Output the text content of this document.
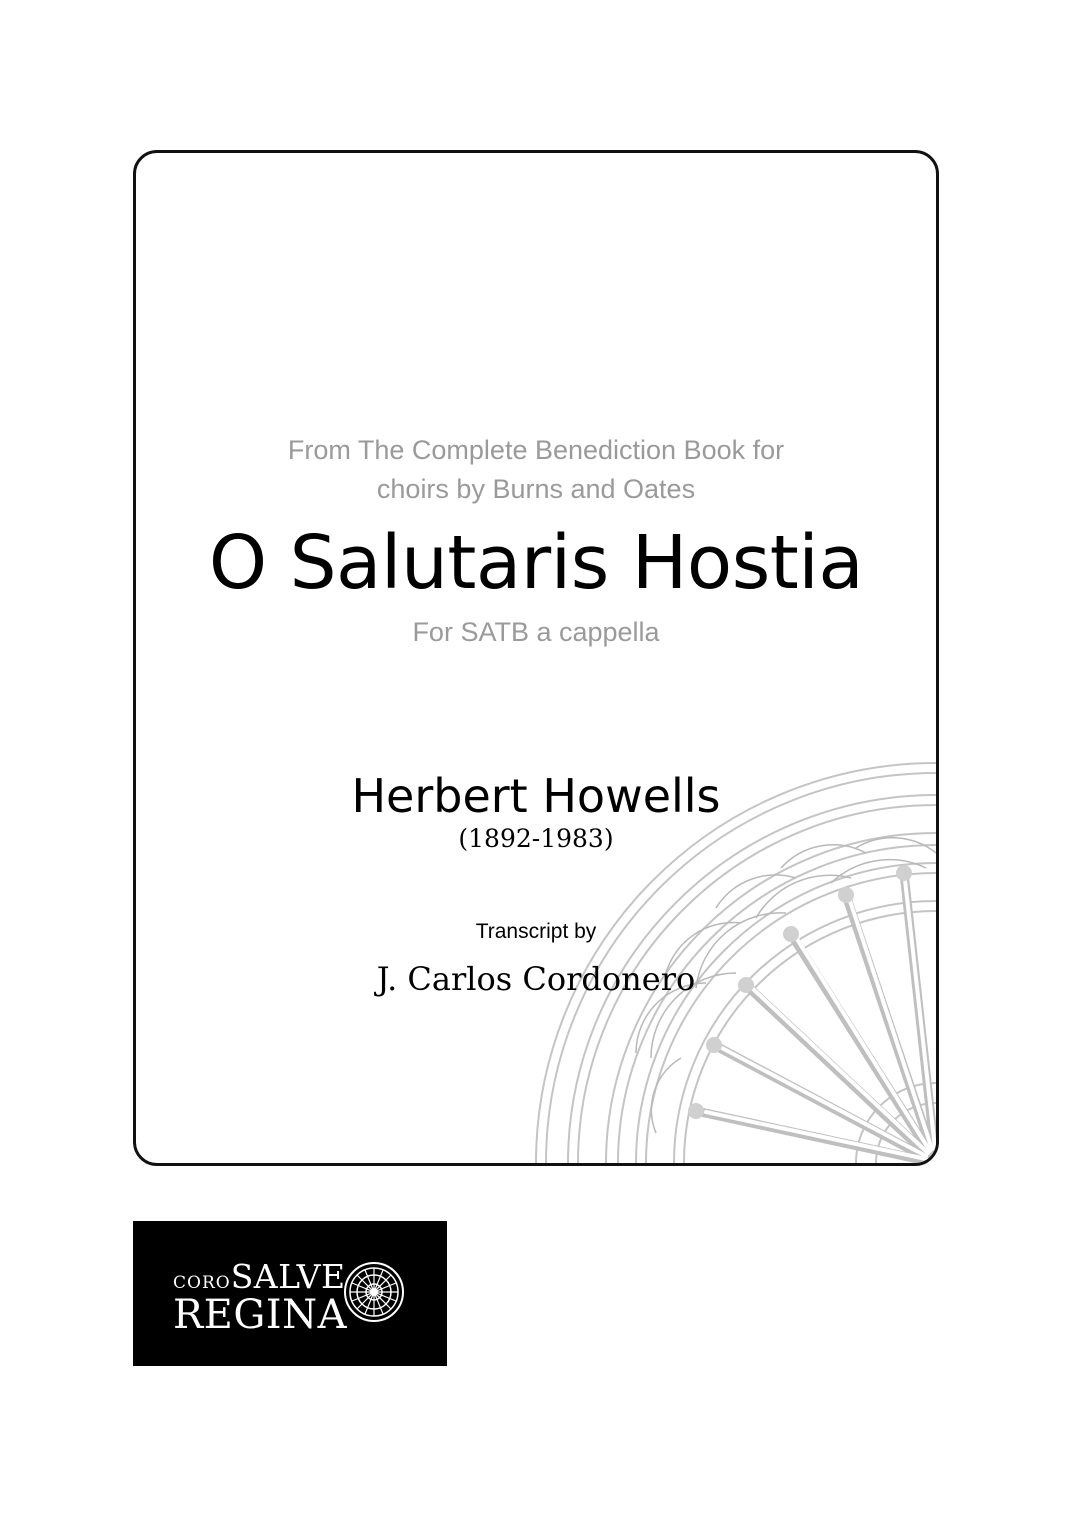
From The Complete Benediction Book for
choirs by Burns and Oates
O Salutaris Hostia
For SATB a cappella
Herbert Howells
(1892-1983)
Transcript by
J. Carlos Cordonero
COROSALVE
REGINA
